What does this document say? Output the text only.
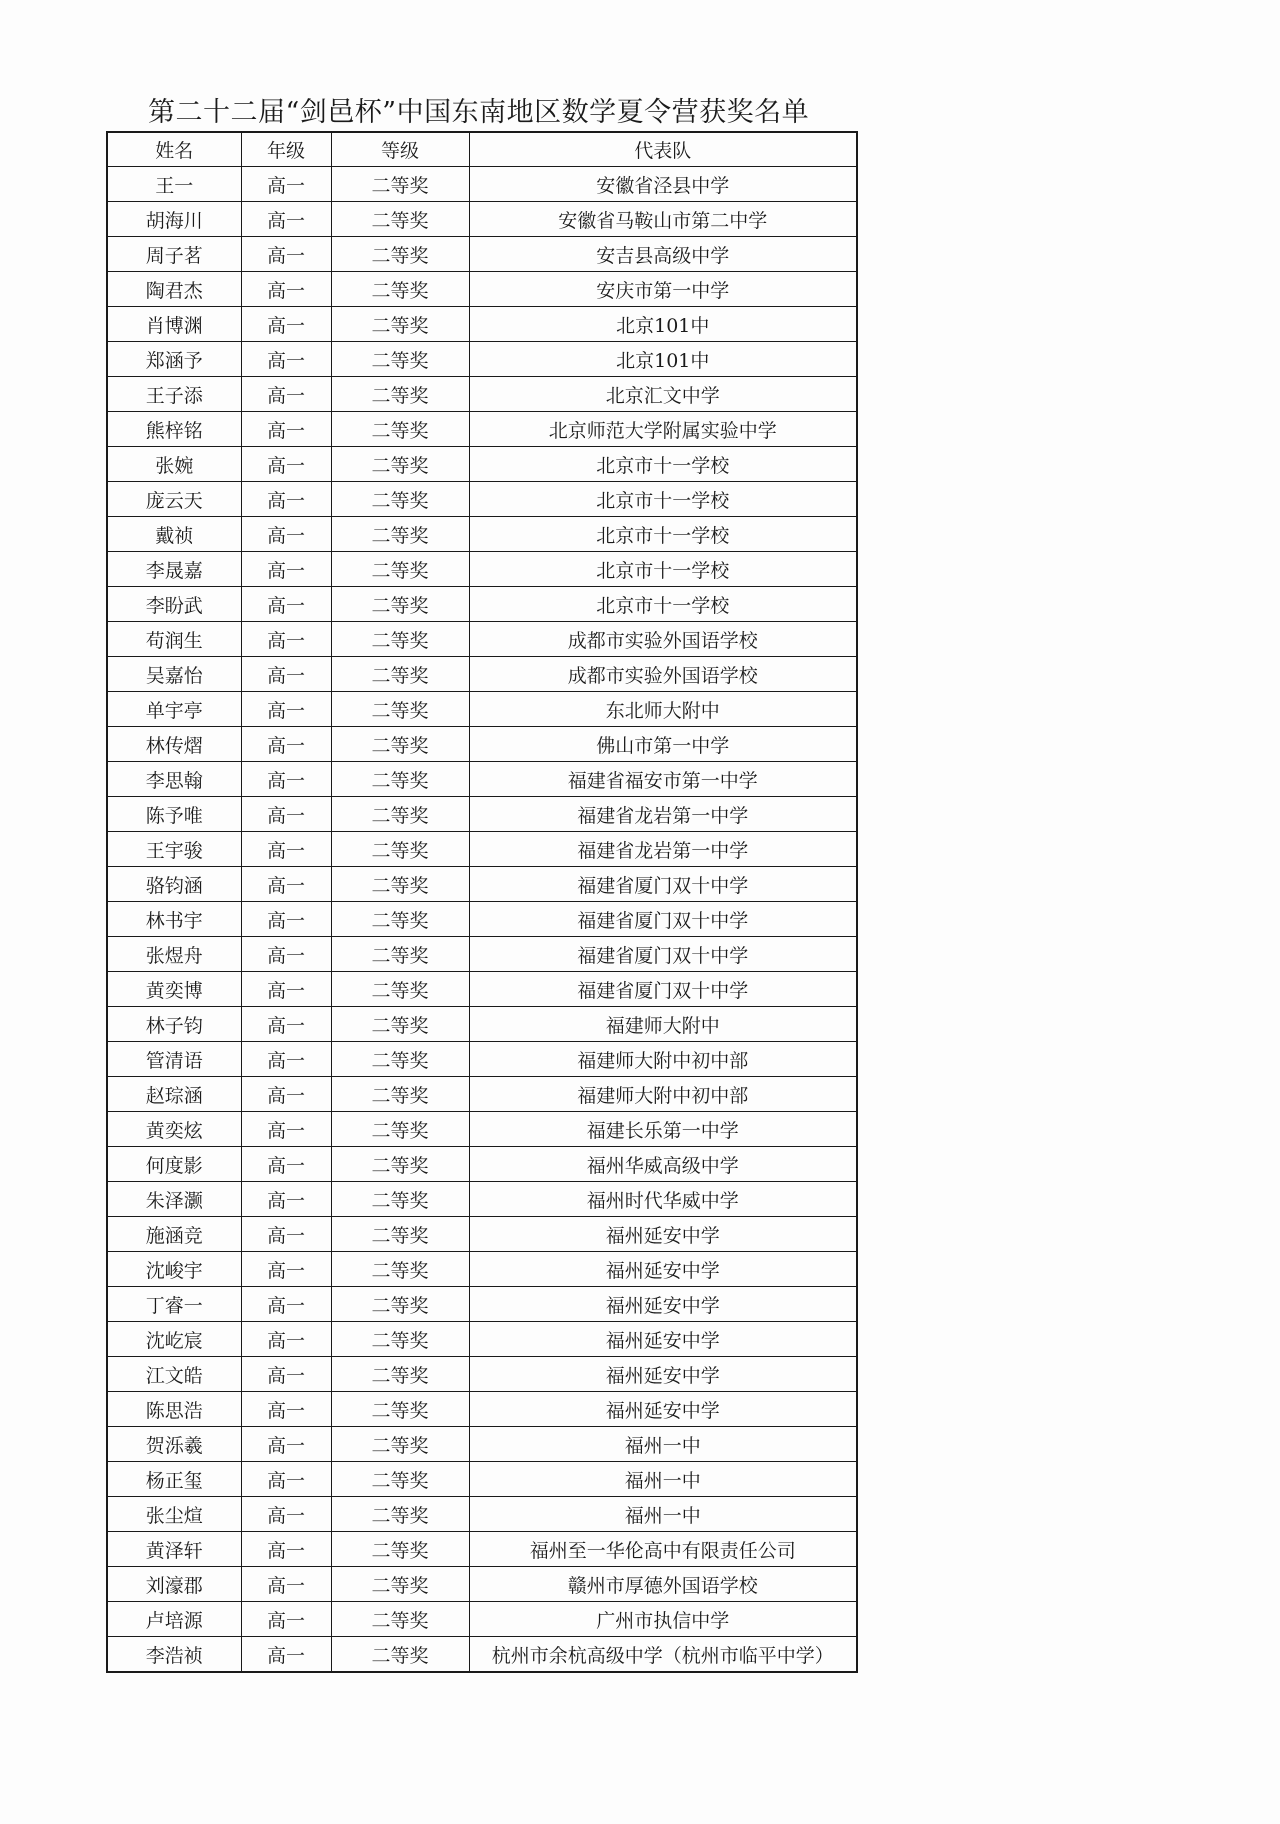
第二十二届“剑邑杯”中国东南地区数学夏令营获奖名单
姓名	年级	等级	代表队
王一	高一	二等奖	安徽省泾县中学
胡海川	高一	二等奖	安徽省马鞍山市第二中学
周子茗	高一	二等奖	安吉县高级中学
陶君杰	高一	二等奖	安庆市第一中学
肖博渊	高一	二等奖	北京101中
郑涵予	高一	二等奖	北京101中
王子添	高一	二等奖	北京汇文中学
熊梓铭	高一	二等奖	北京师范大学附属实验中学
张婉	高一	二等奖	北京市十一学校
庞云天	高一	二等奖	北京市十一学校
戴祯	高一	二等奖	北京市十一学校
李晟嘉	高一	二等奖	北京市十一学校
李盼武	高一	二等奖	北京市十一学校
苟润生	高一	二等奖	成都市实验外国语学校
吴嘉怡	高一	二等奖	成都市实验外国语学校
单宇亭	高一	二等奖	东北师大附中
林传熠	高一	二等奖	佛山市第一中学
李思翰	高一	二等奖	福建省福安市第一中学
陈予唯	高一	二等奖	福建省龙岩第一中学
王宇骏	高一	二等奖	福建省龙岩第一中学
骆钧涵	高一	二等奖	福建省厦门双十中学
林书宇	高一	二等奖	福建省厦门双十中学
张煜舟	高一	二等奖	福建省厦门双十中学
黄奕博	高一	二等奖	福建省厦门双十中学
林子钧	高一	二等奖	福建师大附中
管清语	高一	二等奖	福建师大附中初中部
赵琮涵	高一	二等奖	福建师大附中初中部
黄奕炫	高一	二等奖	福建长乐第一中学
何度影	高一	二等奖	福州华威高级中学
朱泽灏	高一	二等奖	福州时代华威中学
施涵竞	高一	二等奖	福州延安中学
沈峻宇	高一	二等奖	福州延安中学
丁睿一	高一	二等奖	福州延安中学
沈屹宸	高一	二等奖	福州延安中学
江文皓	高一	二等奖	福州延安中学
陈思浩	高一	二等奖	福州延安中学
贺泺羲	高一	二等奖	福州一中
杨正玺	高一	二等奖	福州一中
张尘煊	高一	二等奖	福州一中
黄泽轩	高一	二等奖	福州至一华伦高中有限责任公司
刘濠郡	高一	二等奖	赣州市厚德外国语学校
卢培源	高一	二等奖	广州市执信中学
李浩祯	高一	二等奖	杭州市余杭高级中学（杭州市临平中学）
